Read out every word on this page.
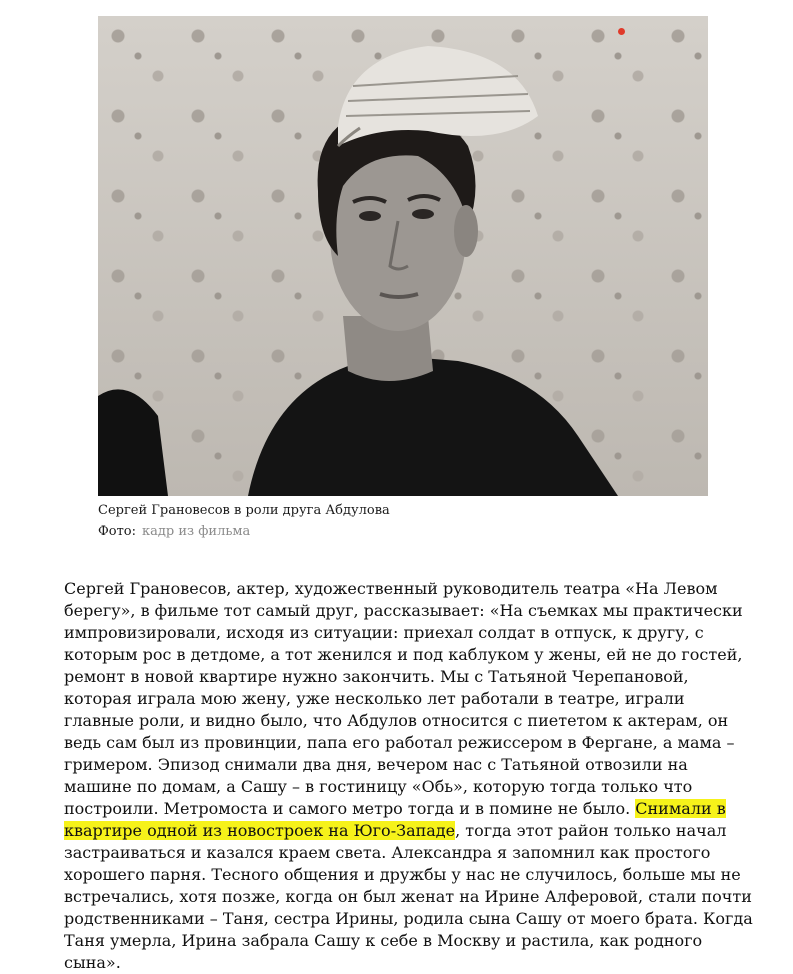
Сергей Грановесов в роли друга Абдулова
Фото: кадр из фильма

Сергей Грановесов, актер, художественный руководитель театра «На Левом берегу», в фильме тот самый друг, рассказывает: «На съемках мы практически импровизировали, исходя из ситуации: приехал солдат в отпуск, к другу, с которым рос в детдоме, а тот женился и под каблуком у жены, ей не до гостей, ремонт в новой квартире нужно закончить. Мы с Татьяной Черепановой, которая играла мою жену, уже несколько лет работали в театре, играли главные роли, и видно было, что Абдулов относится с пиететом к актерам, он ведь сам был из провинции, папа его работал режиссером в Фергане, а мама – гримером. Эпизод снимали два дня, вечером нас с Татьяной отвозили на машине по домам, а Сашу – в гостиницу «Обь», которую тогда только что построили. Метромоста и самого метро тогда и в помине не было. Снимали в квартире одной из новостроек на Юго-Западе, тогда этот район только начал застраиваться и казался краем света. Александра я запомнил как простого хорошего парня. Тесного общения и дружбы у нас не случилось, больше мы не встречались, хотя позже, когда он был женат на Ирине Алферовой, стали почти родственниками – Таня, сестра Ирины, родила сына Сашу от моего брата. Когда Таня умерла, Ирина забрала Сашу к себе в Москву и растила, как родного сына».
